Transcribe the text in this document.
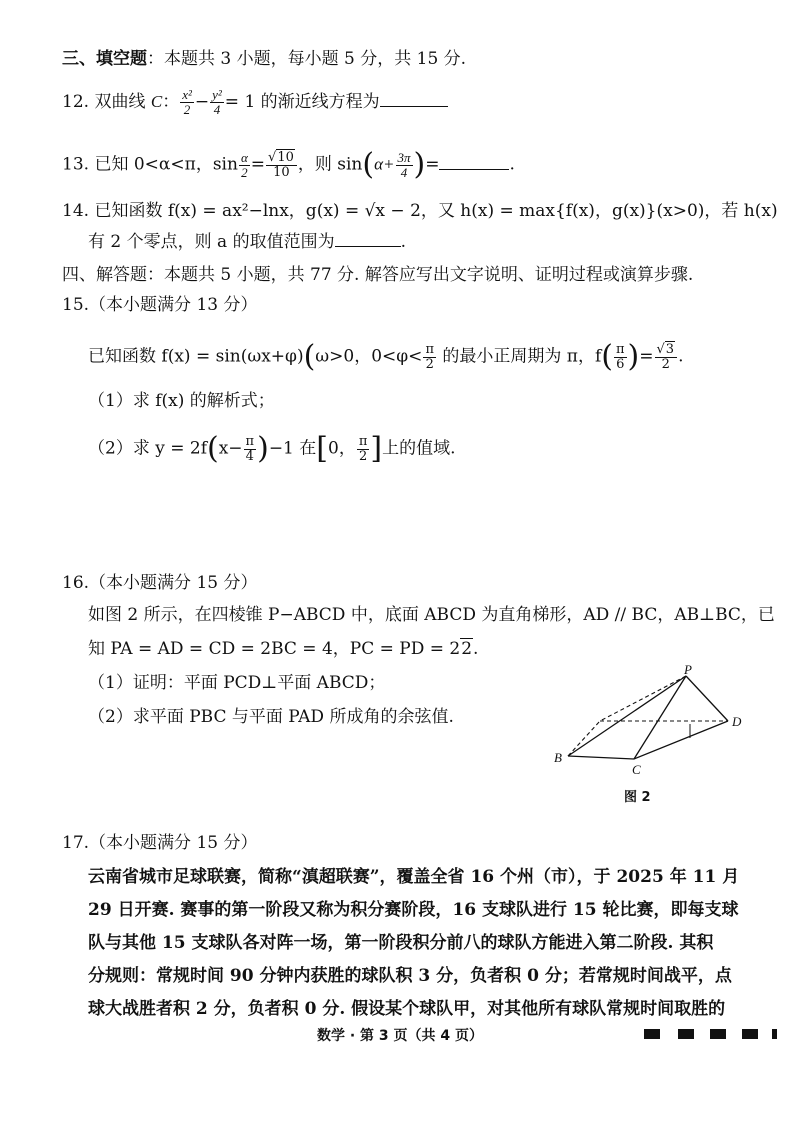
三、填空题：本题共 3 小题，每小题 5 分，共 15 分.
12. 双曲线 C： $\frac{\text{x²}}{2} - \frac{\text{y²}}{4} = 1$ 的渐近线方程为
13. 已知 0<α<π，$\sin \frac{\alpha}{2} = \frac{√10}{10}$ ，则 $\sin(\alpha+ \frac{3\pi}{4}$ )=	.
14. 已知函数 f(x) = ax²−lnx，g(x) = √x − 2，又 h(x) = max{f(x)，g(x)}(x>0)，若 h(x)
有 2 个零点，则 a 的取值范围为	.
四、解答题：本题共 5 小题，共 77 分. 解答应写出文字说明、证明过程或演算步骤.
15.（本小题满分 13 分）
已知函数 f(x) = sin(ωx+φ)(ω>0，$0<\varphi< \frac{\pi}{2}$ 的最小正周期为 π，$f( \frac{\pi}{6}$ )= $\frac{√3}{2}$ .
（1）求 f(x) 的解析式；
（2）求 $y = 2f(x- \frac{\pi}{4} )-1$ 在[0， $\frac{\pi}{2}$ ]上的值域.
16.（本小题满分 15 分）
如图 2 所示，在四棱锥 P−ABCD 中，底面 ABCD 为直角梯形，AD // BC，AB⊥BC，已
知 PA = AD = CD = 2BC = 4，PC = PD = 22.
（1）证明：平面 PCD⊥平面 ABCD；
（2）求平面 PBC 与平面 PAD 所成角的余弦值.
P
B
C
D
图 2
17.（本小题满分 15 分）
云南省城市足球联赛，简称“滇超联赛”，覆盖全省 16 个州（市），于 2025 年 11 月
29 日开赛. 赛事的第一阶段又称为积分赛阶段，16 支球队进行 15 轮比赛，即每支球
队与其他 15 支球队各对阵一场，第一阶段积分前八的球队方能进入第二阶段. 其积
分规则：常规时间 90 分钟内获胜的球队积 3 分，负者积 0 分；若常规时间战平，点
球大战胜者积 2 分，负者积 0 分. 假设某个球队甲，对其他所有球队常规时间取胜的
数学 · 第 3 页（共 4 页）
